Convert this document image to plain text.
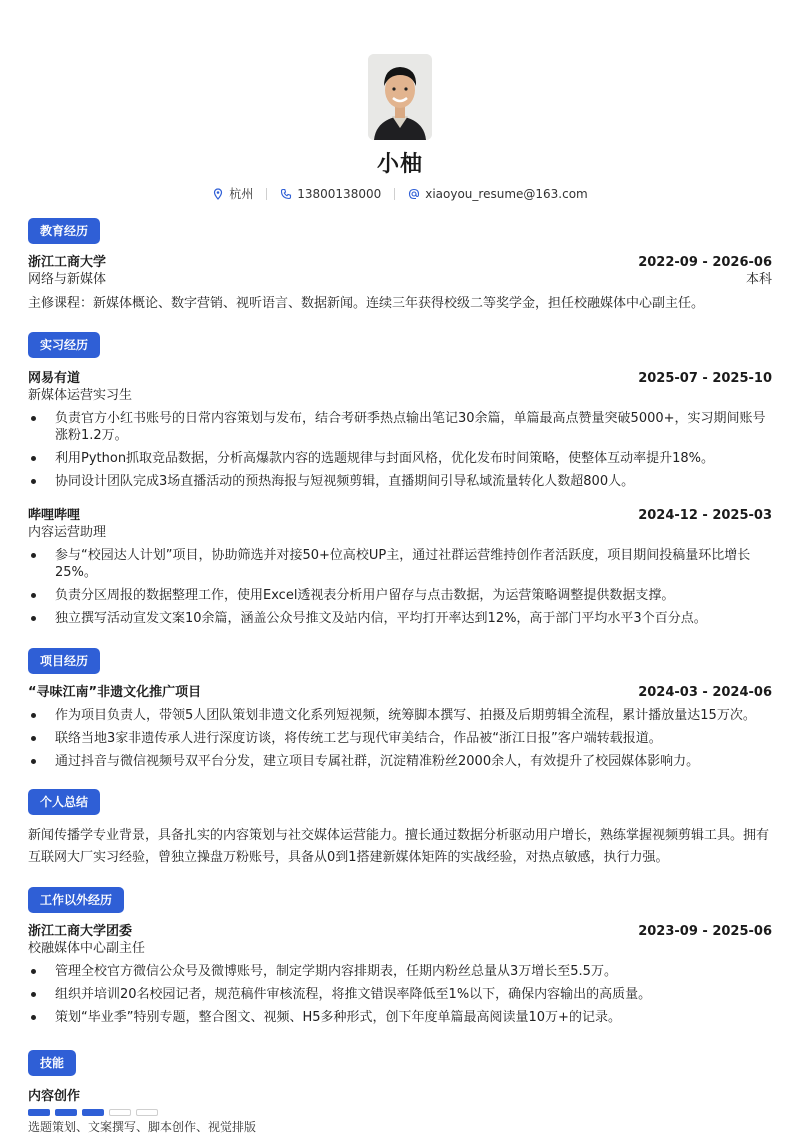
小柚
杭州	13800138000	xiaoyou_resume@163.com
教育经历
浙江工商大学	2022-09 - 2026-06
网络与新媒体	本科
主修课程：新媒体概论、数字营销、视听语言、数据新闻。连续三年获得校级二等奖学金，担任校融媒体中心副主任。
实习经历
网易有道	2025-07 - 2025-10
新媒体运营实习生
负责官方小红书账号的日常内容策划与发布，结合考研季热点输出笔记30余篇，单篇最高点赞量突破5000+，实习期间账号涨粉1.2万。
利用Python抓取竞品数据，分析高爆款内容的选题规律与封面风格，优化发布时间策略，使整体互动率提升18%。
协同设计团队完成3场直播活动的预热海报与短视频剪辑，直播期间引导私域流量转化人数超800人。
哔哩哔哩	2024-12 - 2025-03
内容运营助理
参与“校园达人计划”项目，协助筛选并对接50+位高校UP主，通过社群运营维持创作者活跃度，项目期间投稿量环比增长25%。
负责分区周报的数据整理工作，使用Excel透视表分析用户留存与点击数据，为运营策略调整提供数据支撑。
独立撰写活动宣发文案10余篇，涵盖公众号推文及站内信，平均打开率达到12%，高于部门平均水平3个百分点。
项目经历
“寻味江南”非遗文化推广项目	2024-03 - 2024-06
作为项目负责人，带领5人团队策划非遗文化系列短视频，统筹脚本撰写、拍摄及后期剪辑全流程，累计播放量达15万次。
联络当地3家非遗传承人进行深度访谈，将传统工艺与现代审美结合，作品被“浙江日报”客户端转载报道。
通过抖音与微信视频号双平台分发，建立项目专属社群，沉淀精准粉丝2000余人，有效提升了校园媒体影响力。
个人总结
新闻传播学专业背景，具备扎实的内容策划与社交媒体运营能力。擅长通过数据分析驱动用户增长，熟练掌握视频剪辑工具。拥有互联网大厂实习经验，曾独立操盘万粉账号，具备从0到1搭建新媒体矩阵的实战经验，对热点敏感，执行力强。
工作以外经历
浙江工商大学团委	2023-09 - 2025-06
校融媒体中心副主任
管理全校官方微信公众号及微博账号，制定学期内容排期表，任期内粉丝总量从3万增长至5.5万。
组织并培训20名校园记者，规范稿件审核流程，将推文错误率降低至1%以下，确保内容输出的高质量。
策划“毕业季”特别专题，整合图文、视频、H5多种形式，创下年度单篇最高阅读量10万+的记录。
技能
内容创作
选题策划、文案撰写、脚本创作、视觉排版
